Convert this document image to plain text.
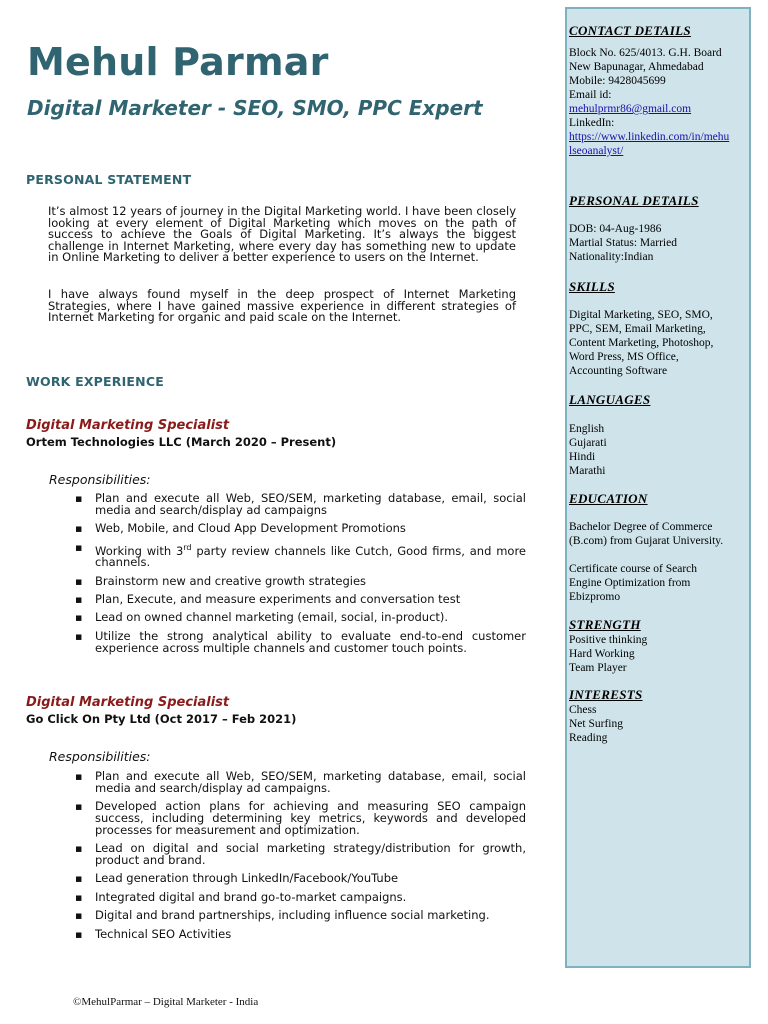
Mehul Parmar
Digital Marketer - SEO, SMO, PPC Expert
PERSONAL STATEMENT

It’s almost 12 years of journey in the Digital Marketing world. I have been closely looking at every element of Digital Marketing which moves on the path of success to achieve the Goals of Digital Marketing. It’s always the biggest challenge in Internet Marketing, where every day has something new to update in Online Marketing to deliver a better experience to users on the Internet.

I have always found myself in the deep prospect of Internet Marketing Strategies, where I have gained massive experience in different strategies of Internet Marketing for organic and paid scale on the Internet.

WORK EXPERIENCE

Digital Marketing Specialist

Ortem Technologies LLC (March 2020 – Present)

Responsibilities:

▪ Plan and execute all Web, SEO/SEM, marketing database, email, social media and search/display ad campaigns
▪ Web, Mobile, and Cloud App Development Promotions
▪ Working with 3rd party review channels like Cutch, Good firms, and more channels.
▪ Brainstorm new and creative growth strategies
▪ Plan, Execute, and measure experiments and conversation test
▪ Lead on owned channel marketing (email, social, in-product).
▪ Utilize the strong analytical ability to evaluate end-to-end customer experience across multiple channels and customer touch points.

Digital Marketing Specialist

Go Click On Pty Ltd (Oct 2017 – Feb 2021)

Responsibilities:

▪ Plan and execute all Web, SEO/SEM, marketing database, email, social media and search/display ad campaigns.
▪ Developed action plans for achieving and measuring SEO campaign success, including determining key metrics, keywords and developed processes for measurement and optimization.
▪ Lead on digital and social marketing strategy/distribution for growth, product and brand.
▪ Lead generation through LinkedIn/Facebook/YouTube
▪ Integrated digital and brand go-to-market campaigns.
▪ Digital and brand partnerships, including influence social marketing.
▪ Technical SEO Activities

©MehulParmar – Digital Marketer - India

CONTACT DETAILS
Block No. 625/4013. G.H. Board
New Bapunagar, Ahmedabad
Mobile: 9428045699
Email id:
mehulprmr86@gmail.com
LinkedIn:
https://www.linkedin.com/in/mehu
lseoanalyst/
PERSONAL DETAILS
DOB: 04-Aug-1986
Martial Status: Married
Nationality:Indian
SKILLS
Digital Marketing, SEO, SMO,
PPC, SEM, Email Marketing,
Content Marketing, Photoshop,
Word Press, MS Office,
Accounting Software
LANGUAGES
English
Gujarati
Hindi
Marathi
EDUCATION
Bachelor Degree of Commerce
(B.com) from Gujarat University.
Certificate course of Search
Engine Optimization from
Ebizpromo
STRENGTH
Positive thinking
Hard Working
Team Player
INTERESTS
Chess
Net Surfing
Reading
